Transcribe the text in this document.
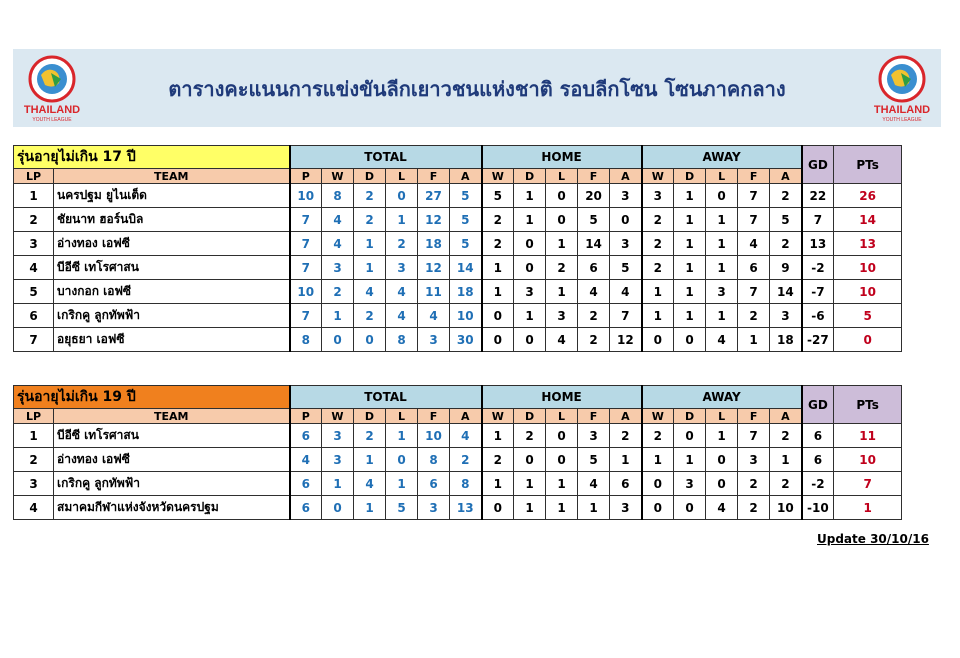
THAILAND
YOUTH LEAGUE
ตารางคะแนนการแข่งขันลีกเยาวชนแห่งชาติ รอบลีกโซน โซนภาคกลาง
THAILAND
YOUTH LEAGUE
รุ่นอายุไม่เกิน 17 ปี		TOTAL						HOME					AWAY					GD	PTs
LP	TEAM	P	W	D	L	F	A	W	D	L	F	A	W	D	L	F	A		
1	นครปฐม ยูไนเต็ด	10	8	2	0	27	5	5	1	0	20	3	3	1	0	7	2	22	26
2	ชัยนาท ฮอร์นบิล	7	4	2	1	12	5	2	1	0	5	0	2	1	1	7	5	7	14
3	อ่างทอง เอฟซี	7	4	1	2	18	5	2	0	1	14	3	2	1	1	4	2	13	13
4	บีอีซี เทโรศาสน	7	3	1	3	12	14	1	0	2	6	5	2	1	1	6	9	-2	10
5	บางกอก เอฟซี	10	2	4	4	11	18	1	3	1	4	4	1	1	3	7	14	-7	10
6	เกริกคู ลูกทัพฟ้า	7	1	2	4	4	10	0	1	3	2	7	1	1	1	2	3	-6	5
7	อยุธยา เอฟซี	8	0	0	8	3	30	0	0	4	2	12	0	0	4	1	18	-27	0
รุ่นอายุไม่เกิน 19 ปี		TOTAL						HOME					AWAY					GD	PTs
LP	TEAM	P	W	D	L	F	A	W	D	L	F	A	W	D	L	F	A		
1	บีอีซี เทโรศาสน	6	3	2	1	10	4	1	2	0	3	2	2	0	1	7	2	6	11
2	อ่างทอง เอฟซี	4	3	1	0	8	2	2	0	0	5	1	1	1	0	3	1	6	10
3	เกริกคู ลูกทัพฟ้า	6	1	4	1	6	8	1	1	1	4	6	0	3	0	2	2	-2	7
4	สมาคมกีฬาแห่งจังหวัดนครปฐม	6	0	1	5	3	13	0	1	1	1	3	0	0	4	2	10	-10	1
Update 30/10/16
